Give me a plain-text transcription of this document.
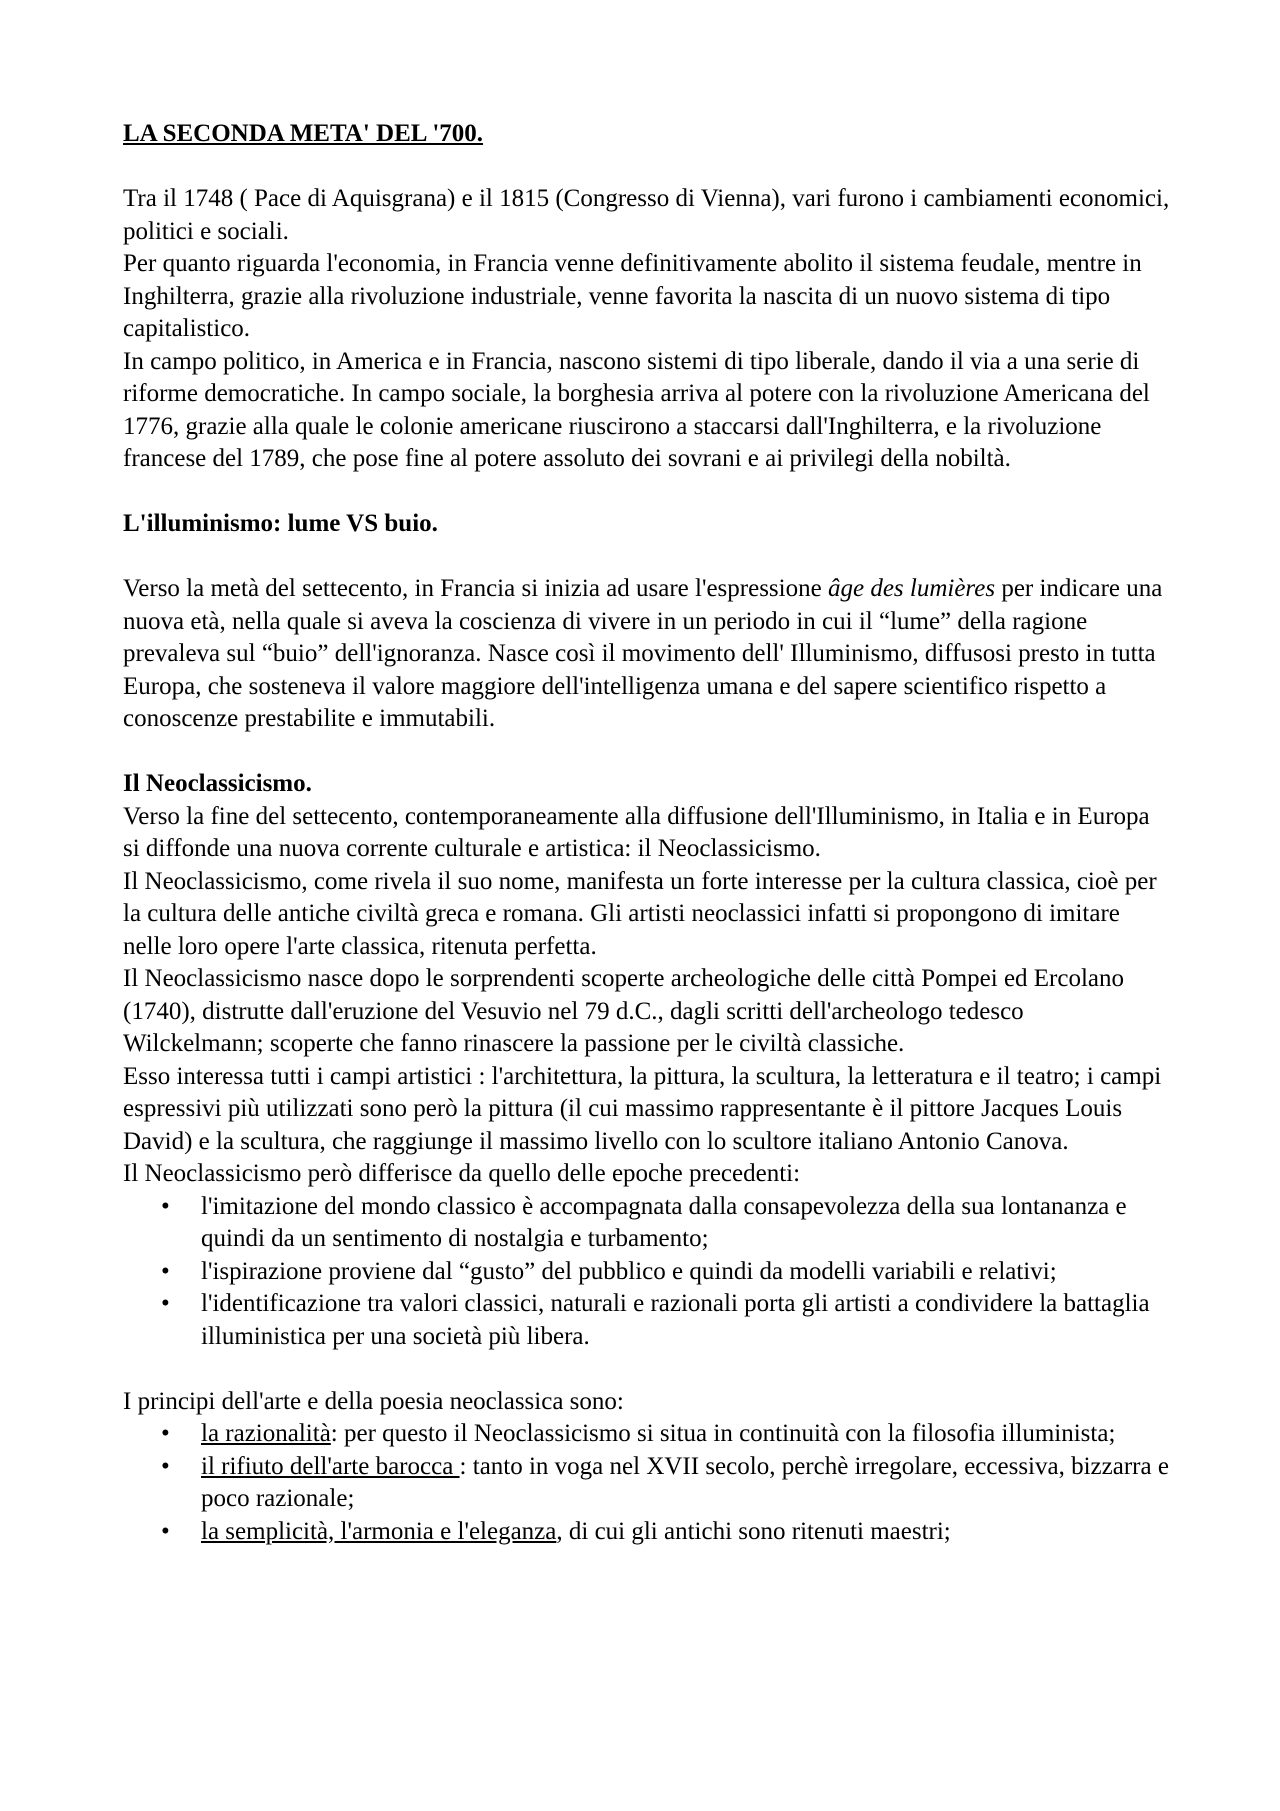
LA SECONDA META' DEL '700.

Tra il 1748 ( Pace di Aquisgrana) e il 1815 (Congresso di Vienna), vari furono i cambiamenti economici, politici e sociali.

Per quanto riguarda l'economia, in Francia venne definitivamente abolito il sistema feudale, mentre in Inghilterra, grazie alla rivoluzione industriale, venne favorita la nascita di un nuovo sistema di tipo capitalistico.

In campo politico, in America e in Francia, nascono sistemi di tipo liberale, dando il via a una serie di riforme democratiche. In campo sociale, la borghesia arriva al potere con la rivoluzione Americana del 1776, grazie alla quale le colonie americane riuscirono a staccarsi dall'Inghilterra, e la rivoluzione francese del 1789, che pose fine al potere assoluto dei sovrani e ai privilegi della nobiltà.

L'illuminismo: lume VS buio.

Verso la metà del settecento, in Francia si inizia ad usare l'espressione âge des lumières per indicare una nuova età, nella quale si aveva la coscienza di vivere in un periodo in cui il “lume” della ragione prevaleva sul “buio” dell'ignoranza. Nasce così il movimento dell' Illuminismo, diffusosi presto in tutta Europa, che sosteneva il valore maggiore dell'intelligenza umana e del sapere scientifico rispetto a conoscenze prestabilite e immutabili.

Il Neoclassicismo.

Verso la fine del settecento, contemporaneamente alla diffusione dell'Illuminismo, in Italia e in Europa si diffonde una nuova corrente culturale e artistica: il Neoclassicismo.

Il Neoclassicismo, come rivela il suo nome, manifesta un forte interesse per la cultura classica, cioè per la cultura delle antiche civiltà greca e romana. Gli artisti neoclassici infatti si propongono di imitare nelle loro opere l'arte classica, ritenuta perfetta.

Il Neoclassicismo nasce dopo le sorprendenti scoperte archeologiche delle città Pompei ed Ercolano (1740), distrutte dall'eruzione del Vesuvio nel 79 d.C., dagli scritti dell'archeologo tedesco Wilckelmann; scoperte che fanno rinascere la passione per le civiltà classiche.

Esso interessa tutti i campi artistici : l'architettura, la pittura, la scultura, la letteratura e il teatro; i campi espressivi più utilizzati sono però la pittura (il cui massimo rappresentante è il pittore Jacques Louis David) e la scultura, che raggiunge il massimo livello con lo scultore italiano Antonio Canova.

Il Neoclassicismo però differisce da quello delle epoche precedenti:

• l'imitazione del mondo classico è accompagnata dalla consapevolezza della sua lontananza e quindi da un sentimento di nostalgia e turbamento;
• l'ispirazione proviene dal “gusto” del pubblico e quindi da modelli variabili e relativi;
• l'identificazione tra valori classici, naturali e razionali porta gli artisti a condividere la battaglia illuministica per una società più libera.

I principi dell'arte e della poesia neoclassica sono:

• la razionalità: per questo il Neoclassicismo si situa in continuità con la filosofia illuminista;
• il rifiuto dell'arte barocca : tanto in voga nel XVII secolo, perchè irregolare, eccessiva, bizzarra e poco razionale;
• la semplicità, l'armonia e l'eleganza, di cui gli antichi sono ritenuti maestri;
